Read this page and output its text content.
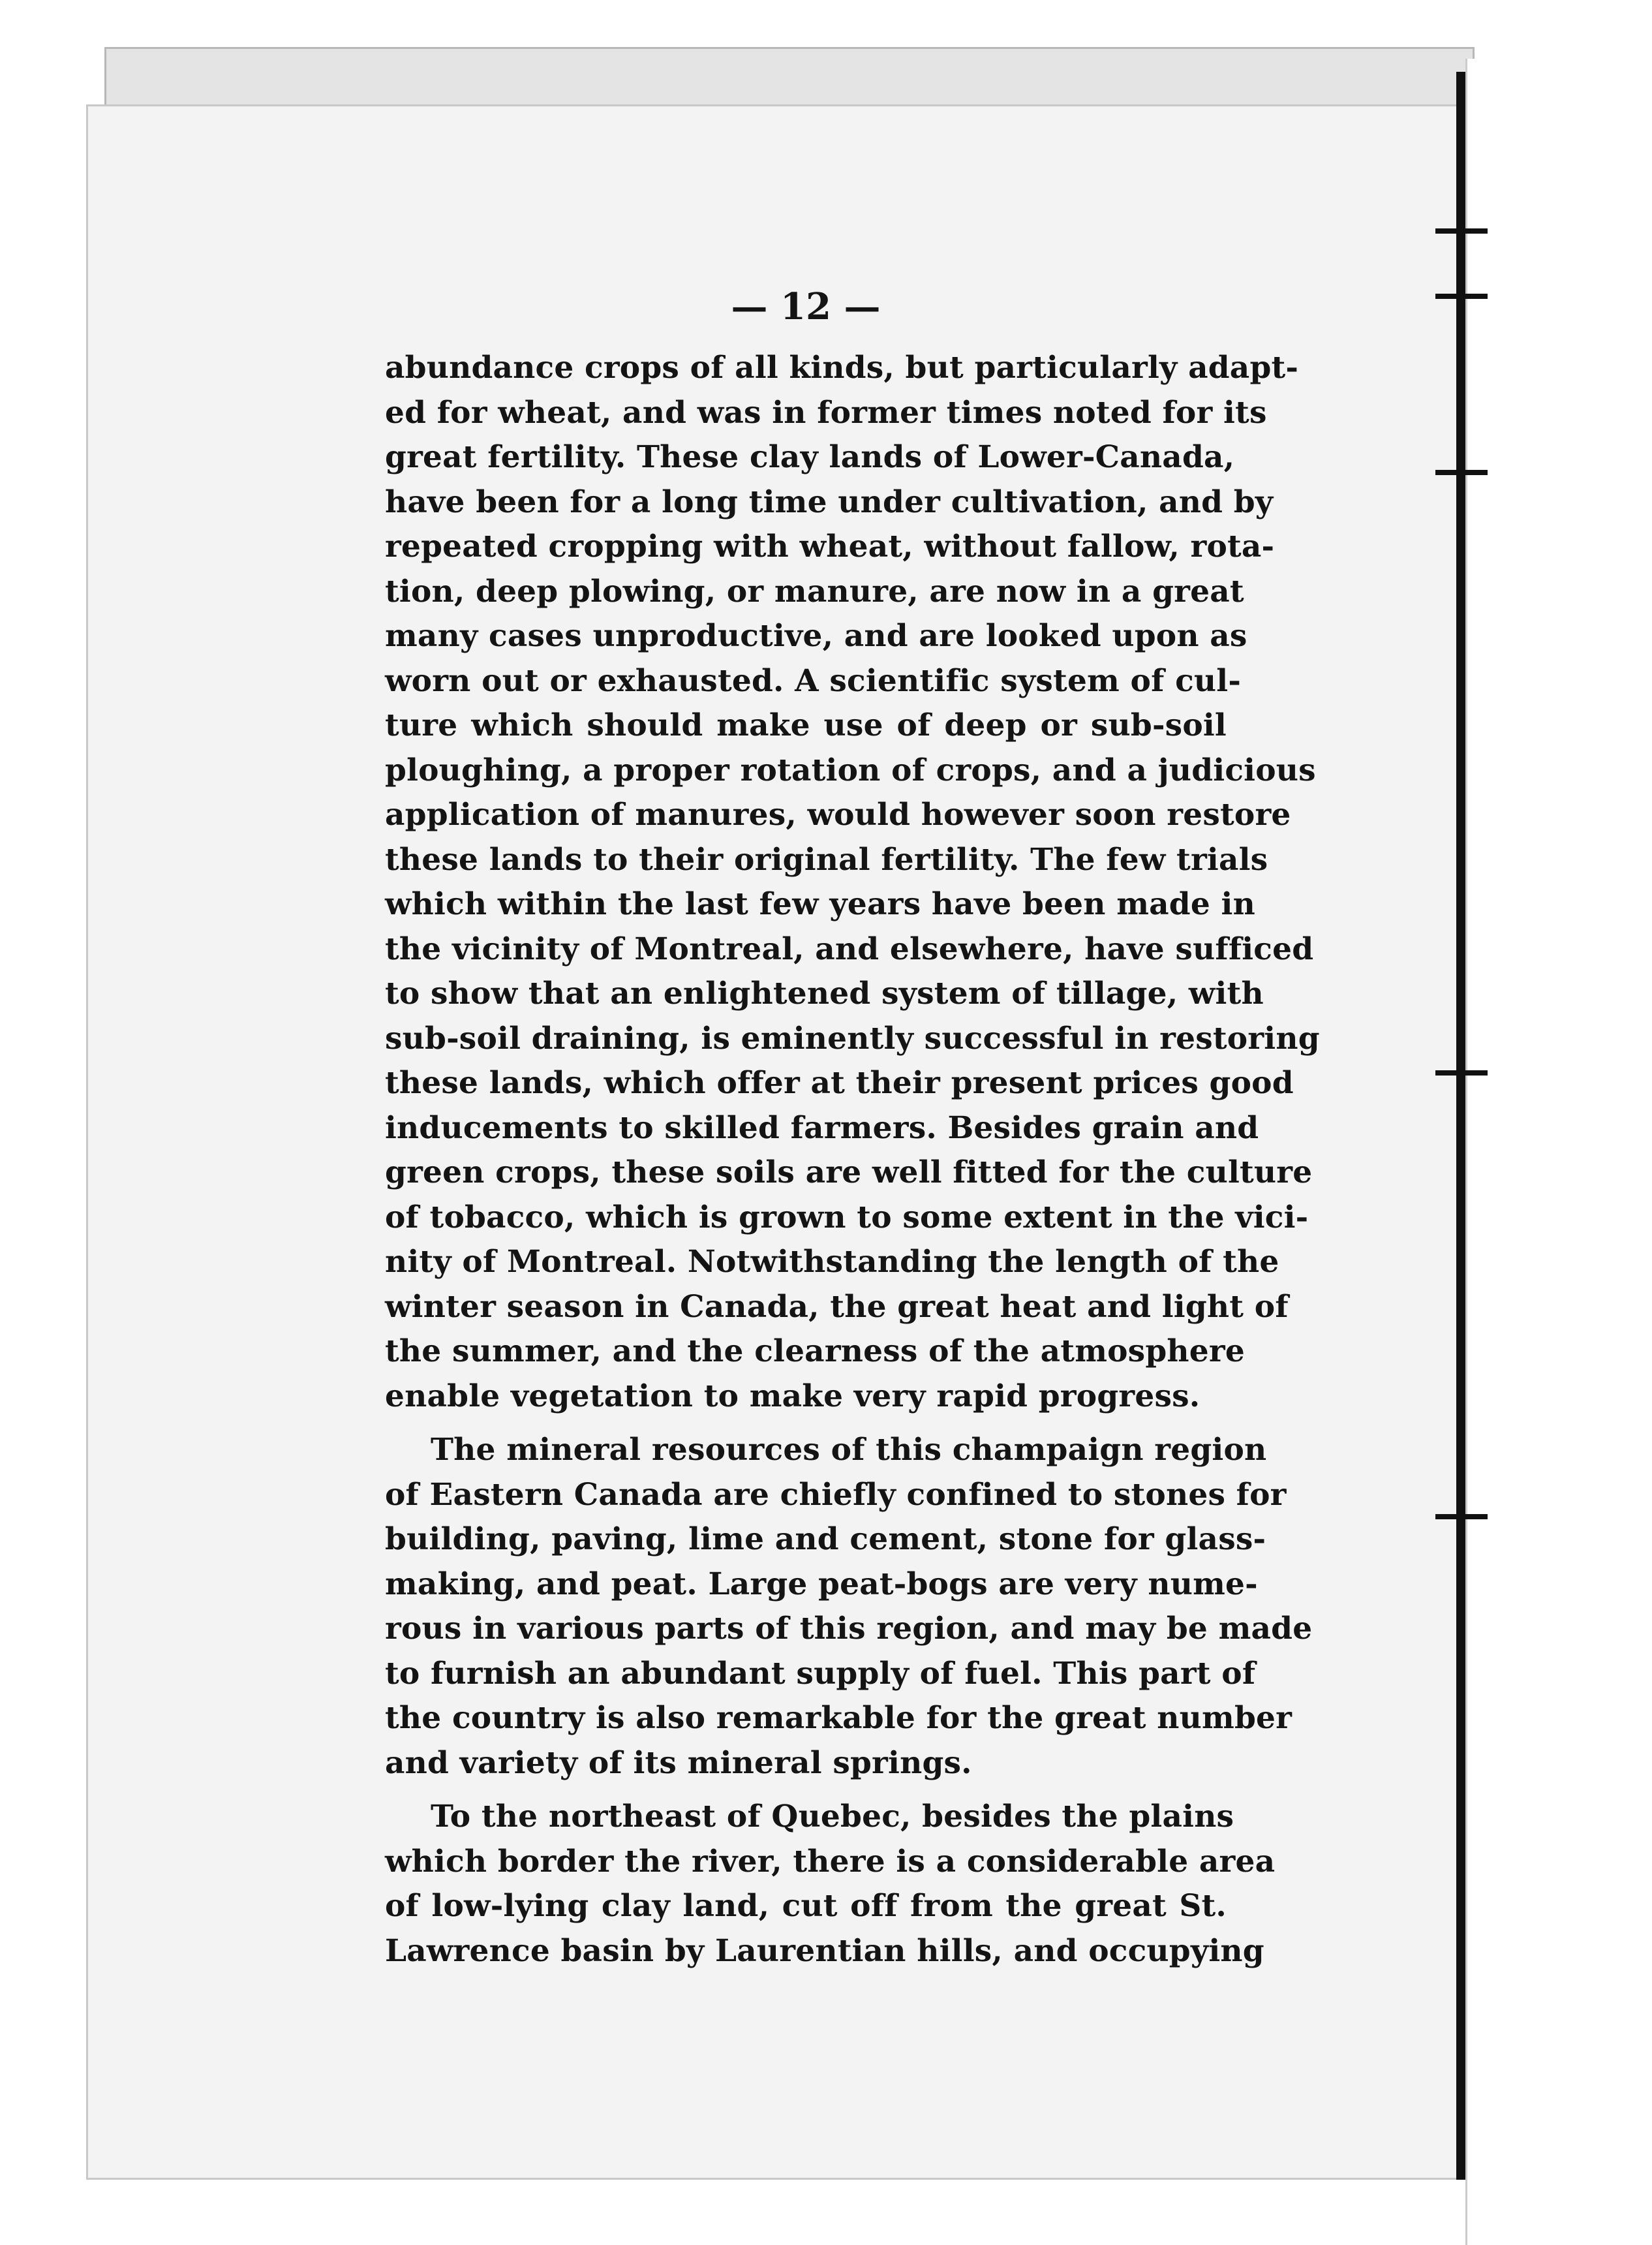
— 12 —
abundance crops of all kinds, but particularly adapt-
ed for wheat, and was in former times noted for its
great fertility. These clay lands of Lower-Canada,
have been for a long time under cultivation, and by
repeated cropping with wheat, without fallow, rota-
tion, deep plowing, or manure, are now in a great
many cases unproductive, and are looked upon as
worn out or exhausted. A scientific system of cul-
ture which should make use of deep or sub-soil
ploughing, a proper rotation of crops, and a judicious
application of manures, would however soon restore
these lands to their original fertility. The few trials
which within the last few years have been made in
the vicinity of Montreal, and elsewhere, have sufficed
to show that an enlightened system of tillage, with
sub-soil draining, is eminently successful in restoring
these lands, which offer at their present prices good
inducements to skilled farmers. Besides grain and
green crops, these soils are well fitted for the culture
of tobacco, which is grown to some extent in the vici-
nity of Montreal. Notwithstanding the length of the
winter season in Canada, the great heat and light of
the summer, and the clearness of the atmosphere
enable vegetation to make very rapid progress.
The mineral resources of this champaign region
of Eastern Canada are chiefly confined to stones for
building, paving, lime and cement, stone for glass-
making, and peat. Large peat-bogs are very nume-
rous in various parts of this region, and may be made
to furnish an abundant supply of fuel. This part of
the country is also remarkable for the great number
and variety of its mineral springs.
To the northeast of Quebec, besides the plains
which border the river, there is a considerable area
of low-lying clay land, cut off from the great St.
Lawrence basin by Laurentian hills, and occupying
